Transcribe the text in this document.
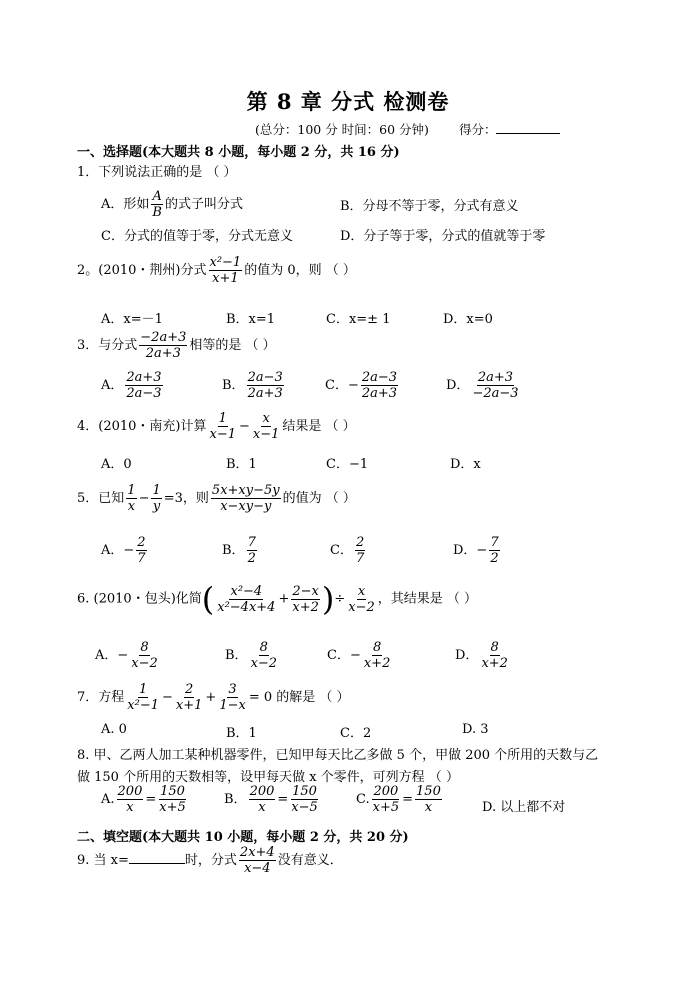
第 8 章 分式 检测卷
(总分：100 分 时间：60 分钟) 得分：
一、选择题(本大题共 8 小题，每小题 2 分，共 16 分)
1．下列说法正确的是 （ ）
A．形如 $\frac{A}{B}$ 的式子叫分式	B．分母不等于零，分式有意义
C．分式的值等于零，分式无意义	D．分子等于零，分式的值就等于零
2。(2010・荆州)分式 $\frac{\text{x²−1}}{x+1}$ 的值为 0，则 （ ）
A．x=－1	B．x=1	C．x=± 1	D．x=0
3．与分式 $\frac{-2a+3}{2a+3}$ 相等的是 （ ）
A． $\frac{2a+3}{2a-3}$	B． $\frac{2a-3}{2a+3}$	C．− $\frac{2a-3}{2a+3}$	D． $\frac{2a+3}{-2a-3}$
4．(2010・南充)计算 $\frac{1}{x-1} - \frac{x}{x-1}$ 结果是 （ ）
A．0	B．1	C．−1	D．x
5．已知 $\frac{1}{x} - \frac{1}{y} =3$，则 $\frac{5x+xy-5y}{x-xy-y}$ 的值为 （ ）
A．− $\frac{2}{7}$	B． $\frac{7}{2}$	C． $\frac{2}{7}$	D．− $\frac{7}{2}$
6. (2010・包头)化简( $\frac{\text{x²−4}}{\text{x²−4x+4}} + \frac{2-x}{x+2}$ )÷ $\frac{x}{x-2}$ ，其结果是 （ ）
A．− $\frac{8}{x-2}$	B． $\frac{8}{x-2}$	C．− $\frac{8}{x+2}$	D． $\frac{8}{x+2}$
7．方程 $\frac{1}{\text{x²−1}} - \frac{2}{x+1} + \frac{3}{1-x} = 0$ 的解是 （ ）
A. 0	B．1	C．2	D. 3
8. 甲、乙两人加工某种机器零件，已知甲每天比乙多做 5 个，甲做 200 个所用的天数与乙
做 150 个所用的天数相等，设甲每天做 x 个零件，可列方程 （ ）
A. $\frac{200}{x} = \frac{150}{x+5}$	B． $\frac{200}{x} = \frac{150}{x-5}$	C. $\frac{200}{x+5} = \frac{150}{x}$	D. 以上都不对
二、填空题(本大题共 10 小题，每小题 2 分，共 20 分)
9. 当 x=	时，分式 $\frac{2x+4}{x-4}$ 没有意义．
